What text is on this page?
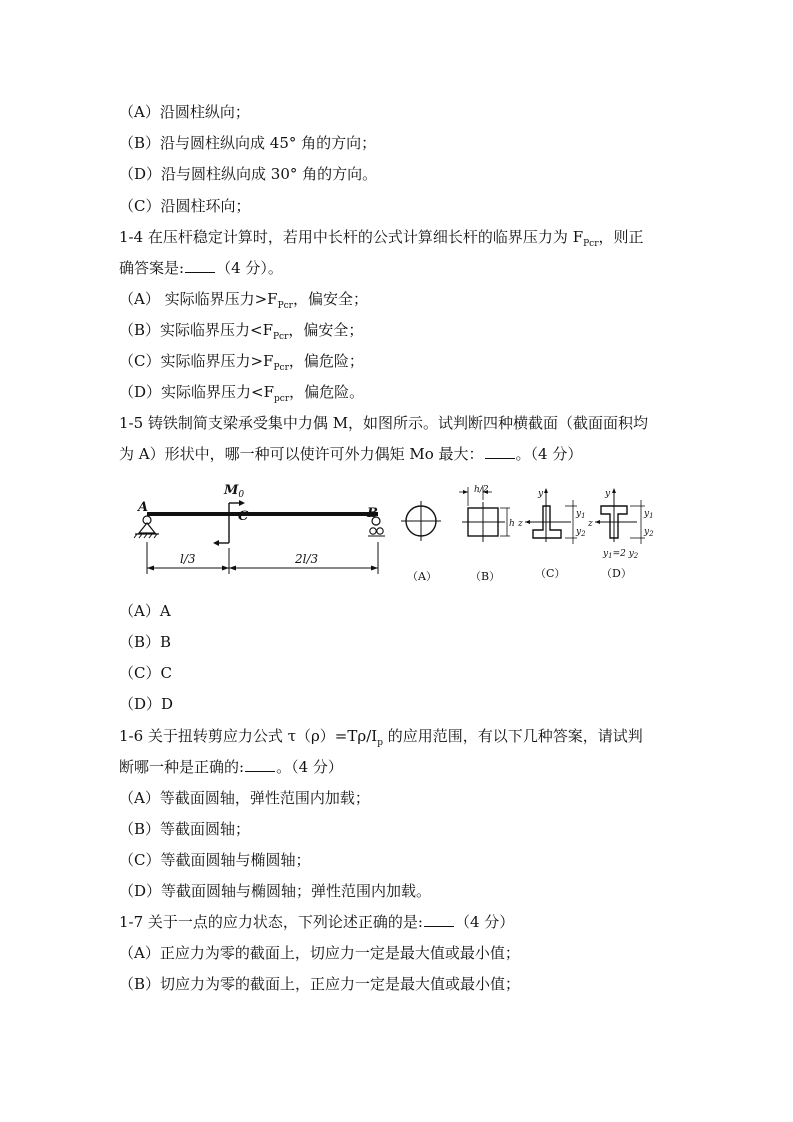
（A）沿圆柱纵向；
（B）沿与圆柱纵向成 45° 角的方向；
（D）沿与圆柱纵向成 30° 角的方向。
（C）沿圆柱环向；
1-4 在压杆稳定计算时，若用中长杆的公式计算细长杆的临界压力为 $F_{Pcr}$，则正
确答案是: （4 分）。
（A） 实际临界压力$>F_{Pcr}$，偏安全；
（B）实际临界压力$<F_{Pcr}$，偏安全；
（C）实际临界压力$>F_{Pcr}$，偏危险；
（D）实际临界压力$<F_{pcr}$，偏危险。
1-5 铸铁制简支梁承受集中力偶 M，如图所示。试判断四种横截面（截面面积均
为 A）形状中，哪一种可以使许可外力偶矩 Mo 最大： 。（4 分）
A	B
C
$M_0$
l/3	2l/3
（A）
h/2
h
（B）
y
z
$y_1$
$y_2$
（C）
y
z
$y_1$
$y_2$
$y_1=2$ $y_2$
（D）
（A）A
（B）B
（C）C
（D）D
1-6 关于扭转剪应力公式 $\tau(\rho)=T\rho/I_p$ 的应用范围，有以下几种答案，请试判
断哪一种是正确的: 。（4 分）
（A）等截面圆轴，弹性范围内加载；
（B）等截面圆轴；
（C）等截面圆轴与椭圆轴；
（D）等截面圆轴与椭圆轴；弹性范围内加载。
1-7 关于一点的应力状态，下列论述正确的是: （4 分）
（A）正应力为零的截面上，切应力一定是最大值或最小值；
（B）切应力为零的截面上，正应力一定是最大值或最小值；
